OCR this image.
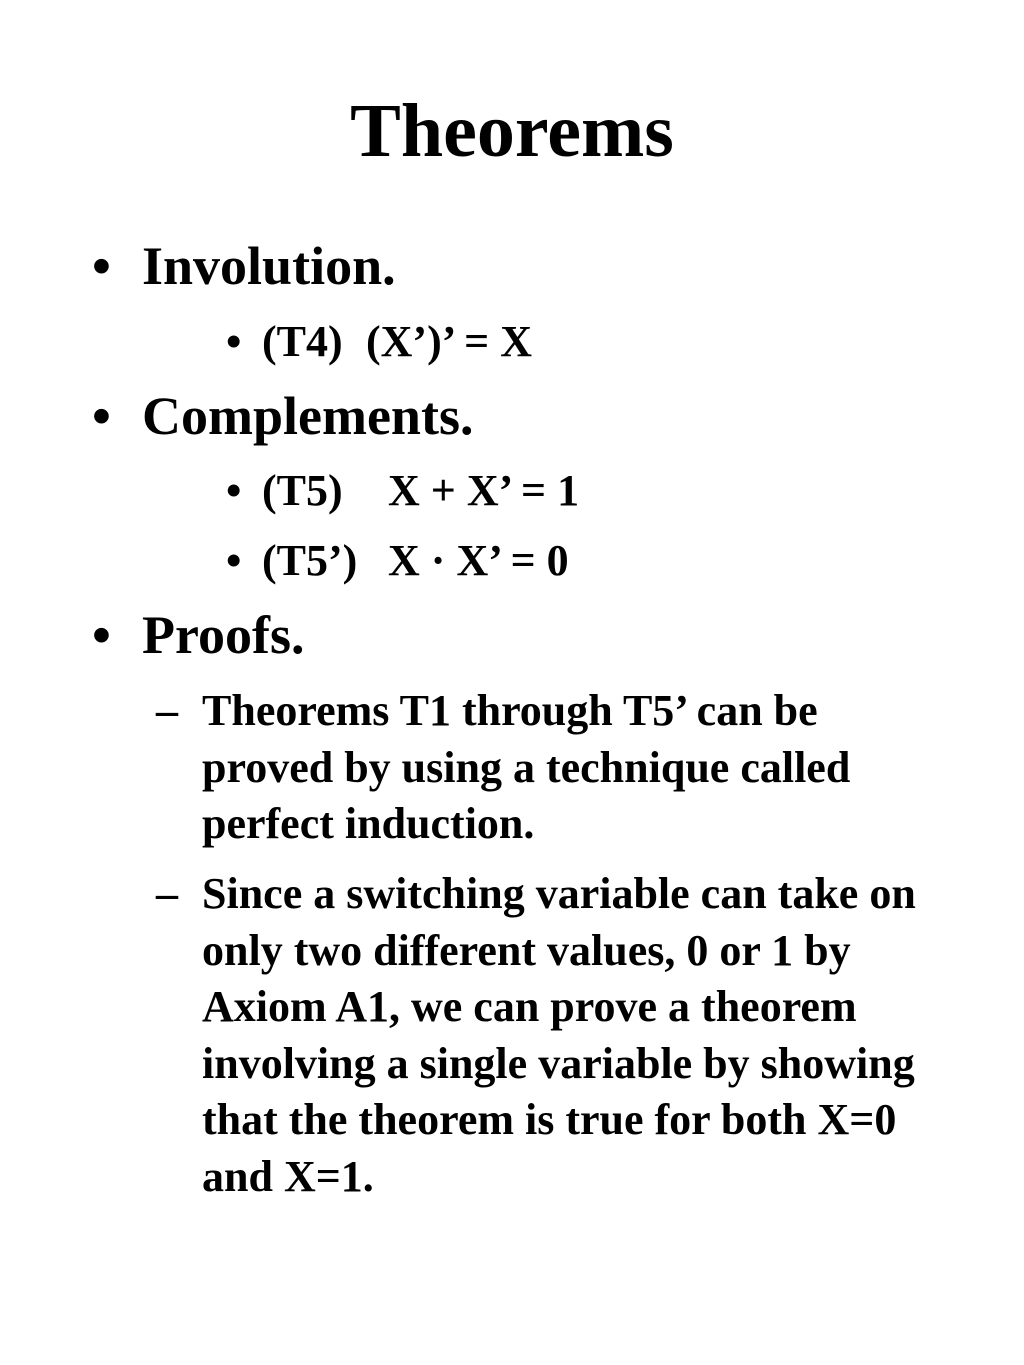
Theorems
• Involution.
• (T4) (X’)’ = X
• Complements.
• (T5) X + X’ = 1
• (T5’) X · X’ = 0
• Proofs.
– Theorems T1 through T5’ can be proved by using a technique called perfect induction.
– Since a switching variable can take on only two different values, 0 or 1 by Axiom A1, we can prove a theorem involving a single variable by showing that the theorem is true for both X=0 and X=1.
